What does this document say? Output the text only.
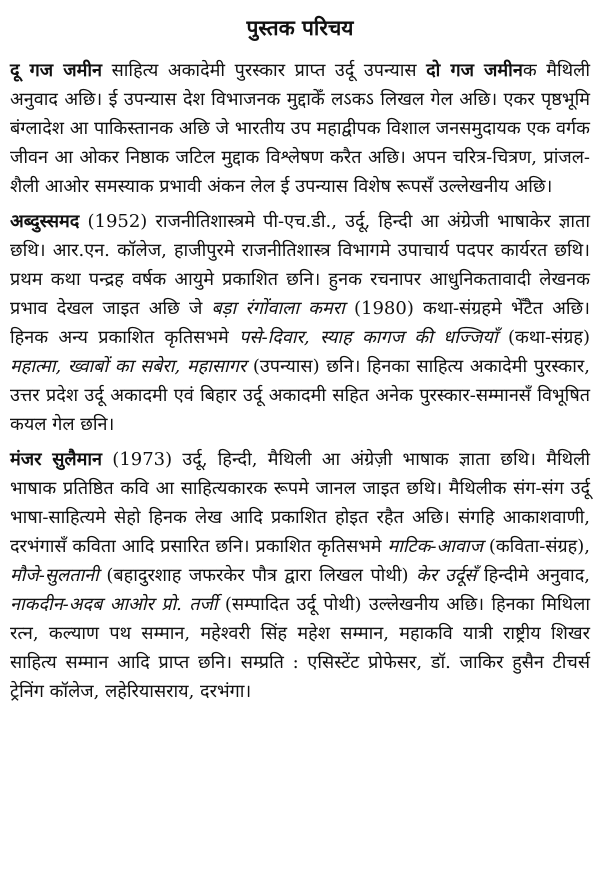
पुस्तक परिचय

दू गज जमीन साहित्य अकादेमी पुरस्कार प्राप्त उर्दू उपन्यास दो गज जमीनक मैथिली अनुवाद अछि। ई उपन्यास देश विभाजनक मुद्दाकेँ लऽकऽ लिखल गेल अछि। एकर पृष्ठभूमि बंग्लादेश आ पाकिस्तानक अछि जे भारतीय उप महाद्वीपक विशाल जनसमुदायक एक वर्गक जीवन आ ओकर निष्ठाक जटिल मुद्दाक विश्लेषण करैत अछि। अपन चरित्र-चित्रण, प्रांजल-शैली आओर समस्याक प्रभावी अंकन लेल ई उपन्यास विशेष रूपसँ उल्लेखनीय अछि।

अब्दुस्समद (1952) राजनीतिशास्त्रमे पी-एच.डी., उर्दू, हिन्दी आ अंग्रेजी भाषाकेर ज्ञाता छथि। आर.एन. कॉलेज, हाजीपुरमे राजनीतिशास्त्र विभागमे उपाचार्य पदपर कार्यरत छथि। प्रथम कथा पन्द्रह वर्षक आयुमे प्रकाशित छनि। हुनक रचनापर आधुनिकतावादी लेखनक प्रभाव देखल जाइत अछि जे बड़ा रंगोंवाला कमरा (1980) कथा-संग्रहमे भेँटैत अछि। हिनक अन्य प्रकाशित कृतिसभमे पसे-दिवार, स्याह कागज की धज्जियाँ (कथा-संग्रह) महात्मा, ख्वाबों का सबेरा, महासागर (उपन्यास) छनि। हिनका साहित्य अकादेमी पुरस्कार, उत्तर प्रदेश उर्दू अकादमी एवं बिहार उर्दू अकादमी सहित अनेक पुरस्कार-सम्मानसँ विभूषित कयल गेल छनि।

मंजर सुलैमान (1973) उर्दू, हिन्दी, मैथिली आ अंग्रेज़ी भाषाक ज्ञाता छथि। मैथिली भाषाक प्रतिष्ठित कवि आ साहित्यकारक रूपमे जानल जाइत छथि। मैथिलीक संग-संग उर्दू भाषा-साहित्यमे सेहो हिनक लेख आदि प्रकाशित होइत रहैत अछि। संगहि आकाशवाणी, दरभंगासँ कविता आदि प्रसारित छनि। प्रकाशित कृतिसभमे माटिक-आवाज (कविता-संग्रह), मौजे-सुलतानी (बहादुरशाह जफरकेर पौत्र द्वारा लिखल पोथी) केर उर्दूसँ हिन्दीमे अनुवाद, नाकदीन-अदब आओर प्रो. तर्जी (सम्पादित उर्दू पोथी) उल्लेखनीय अछि। हिनका मिथिला रत्न, कल्याण पथ सम्मान, महेश्वरी सिंह महेश सम्मान, महाकवि यात्री राष्ट्रीय शिखर साहित्य सम्मान आदि प्राप्त छनि। सम्प्रति : एसिस्टेंट प्रोफेसर, डॉ. जाकिर हुसैन टीचर्स ट्रेनिंग कॉलेज, लहेरियासराय, दरभंगा।
